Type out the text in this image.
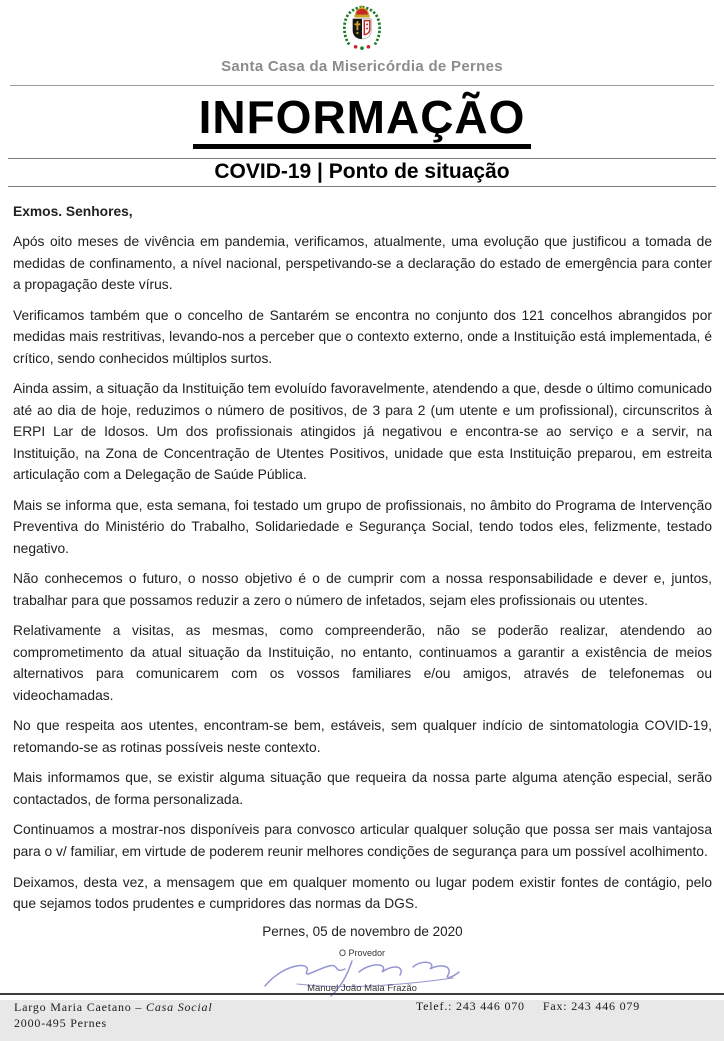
Santa Casa da Misericórdia de Pernes
INFORMAÇÃO
COVID-19 | Ponto de situação

Exmos. Senhores,

Após oito meses de vivência em pandemia, verificamos, atualmente, uma evolução que justificou a tomada de medidas de confinamento, a nível nacional, perspetivando-se a declaração do estado de emergência para conter a propagação deste vírus.

Verificamos também que o concelho de Santarém se encontra no conjunto dos 121 concelhos abrangidos por medidas mais restritivas, levando-nos a perceber que o contexto externo, onde a Instituição está implementada, é crítico, sendo conhecidos múltiplos surtos.

Ainda assim, a situação da Instituição tem evoluído favoravelmente, atendendo a que, desde o último comunicado até ao dia de hoje, reduzimos o número de positivos, de 3 para 2 (um utente e um profissional), circunscritos à ERPI Lar de Idosos. Um dos profissionais atingidos já negativou e encontra-se ao serviço e a servir, na Instituição, na Zona de Concentração de Utentes Positivos, unidade que esta Instituição preparou, em estreita articulação com a Delegação de Saúde Pública.

Mais se informa que, esta semana, foi testado um grupo de profissionais, no âmbito do Programa de Intervenção Preventiva do Ministério do Trabalho, Solidariedade e Segurança Social, tendo todos eles, felizmente, testado negativo.

Não conhecemos o futuro, o nosso objetivo é o de cumprir com a nossa responsabilidade e dever e, juntos, trabalhar para que possamos reduzir a zero o número de infetados, sejam eles profissionais ou utentes.

Relativamente a visitas, as mesmas, como compreenderão, não se poderão realizar, atendendo ao comprometimento da atual situação da Instituição, no entanto, continuamos a garantir a existência de meios alternativos para comunicarem com os vossos familiares e/ou amigos, através de telefonemas ou videochamadas.

No que respeita aos utentes, encontram-se bem, estáveis, sem qualquer indício de sintomatologia COVID-19, retomando-se as rotinas possíveis neste contexto.

Mais informamos que, se existir alguma situação que requeira da nossa parte alguma atenção especial, serão contactados, de forma personalizada.

Continuamos a mostrar-nos disponíveis para convosco articular qualquer solução que possa ser mais vantajosa para o v/ familiar, em virtude de poderem reunir melhores condições de segurança para um possível acolhimento.

Deixamos, desta vez, a mensagem que em qualquer momento ou lugar podem existir fontes de contágio, pelo que sejamos todos prudentes e cumpridores das normas da DGS.

Pernes, 05 de novembro de 2020
O Provedor
Manuel João Maia Frazão
Largo Maria Caetano – Casa Social
2000-495 Pernes
Telef.: 243 446 070 Fax: 243 446 079
